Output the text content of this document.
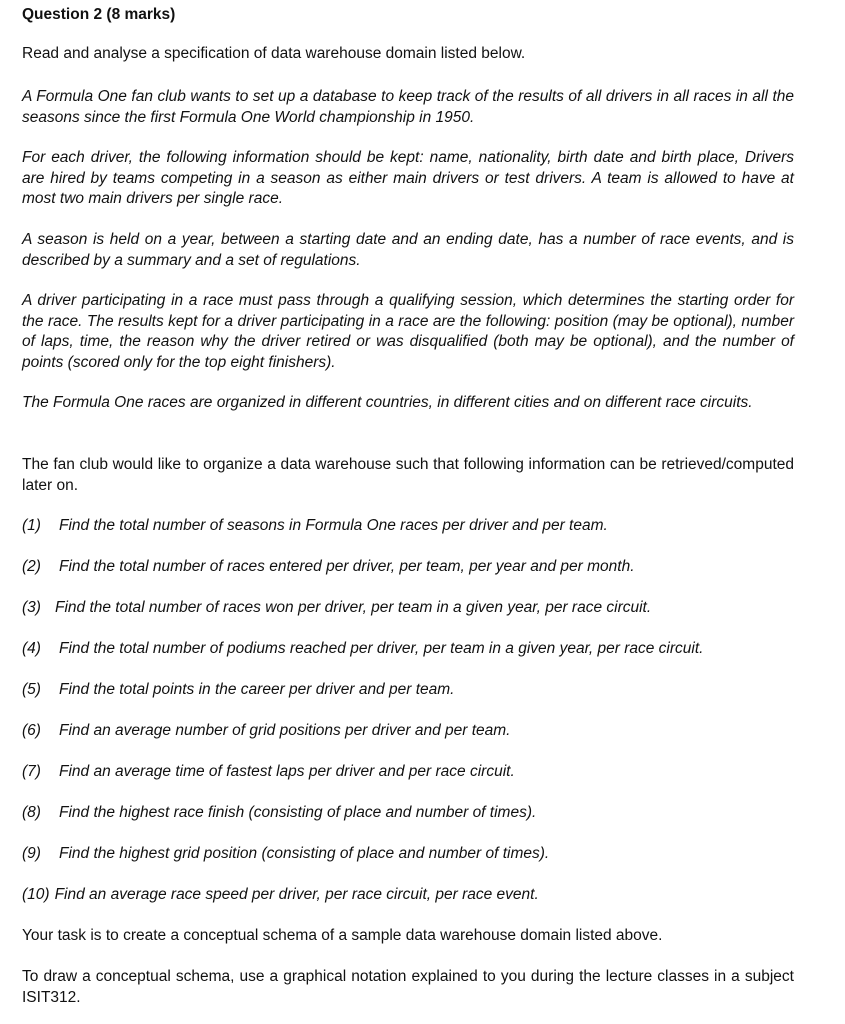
Question 2 (8 marks)

Read and analyse a specification of data warehouse domain listed below.

A Formula One fan club wants to set up a database to keep track of the results of all drivers in all races in all the seasons since the first Formula One World championship in 1950.

For each driver, the following information should be kept: name, nationality, birth date and birth place, Drivers are hired by teams competing in a season as either main drivers or test drivers. A team is allowed to have at most two main drivers per single race.

A season is held on a year, between a starting date and an ending date, has a number of race events, and is described by a summary and a set of regulations.

A driver participating in a race must pass through a qualifying session, which determines the starting order for the race. The results kept for a driver participating in a race are the following: position (may be optional), number of laps, time, the reason why the driver retired or was disqualified (both may be optional), and the number of points (scored only for the top eight finishers).

The Formula One races are organized in different countries, in different cities and on different race circuits.

The fan club would like to organize a data warehouse such that following information can be retrieved/computed later on.

(1) Find the total number of seasons in Formula One races per driver and per team.

(2) Find the total number of races entered per driver, per team, per year and per month.

(3) Find the total number of races won per driver, per team in a given year, per race circuit.

(4) Find the total number of podiums reached per driver, per team in a given year, per race circuit.

(5) Find the total points in the career per driver and per team.

(6) Find an average number of grid positions per driver and per team.

(7) Find an average time of fastest laps per driver and per race circuit.

(8) Find the highest race finish (consisting of place and number of times).

(9) Find the highest grid position (consisting of place and number of times).

(10) Find an average race speed per driver, per race circuit, per race event.

Your task is to create a conceptual schema of a sample data warehouse domain listed above.

To draw a conceptual schema, use a graphical notation explained to you during the lecture classes in a subject ISIT312.
